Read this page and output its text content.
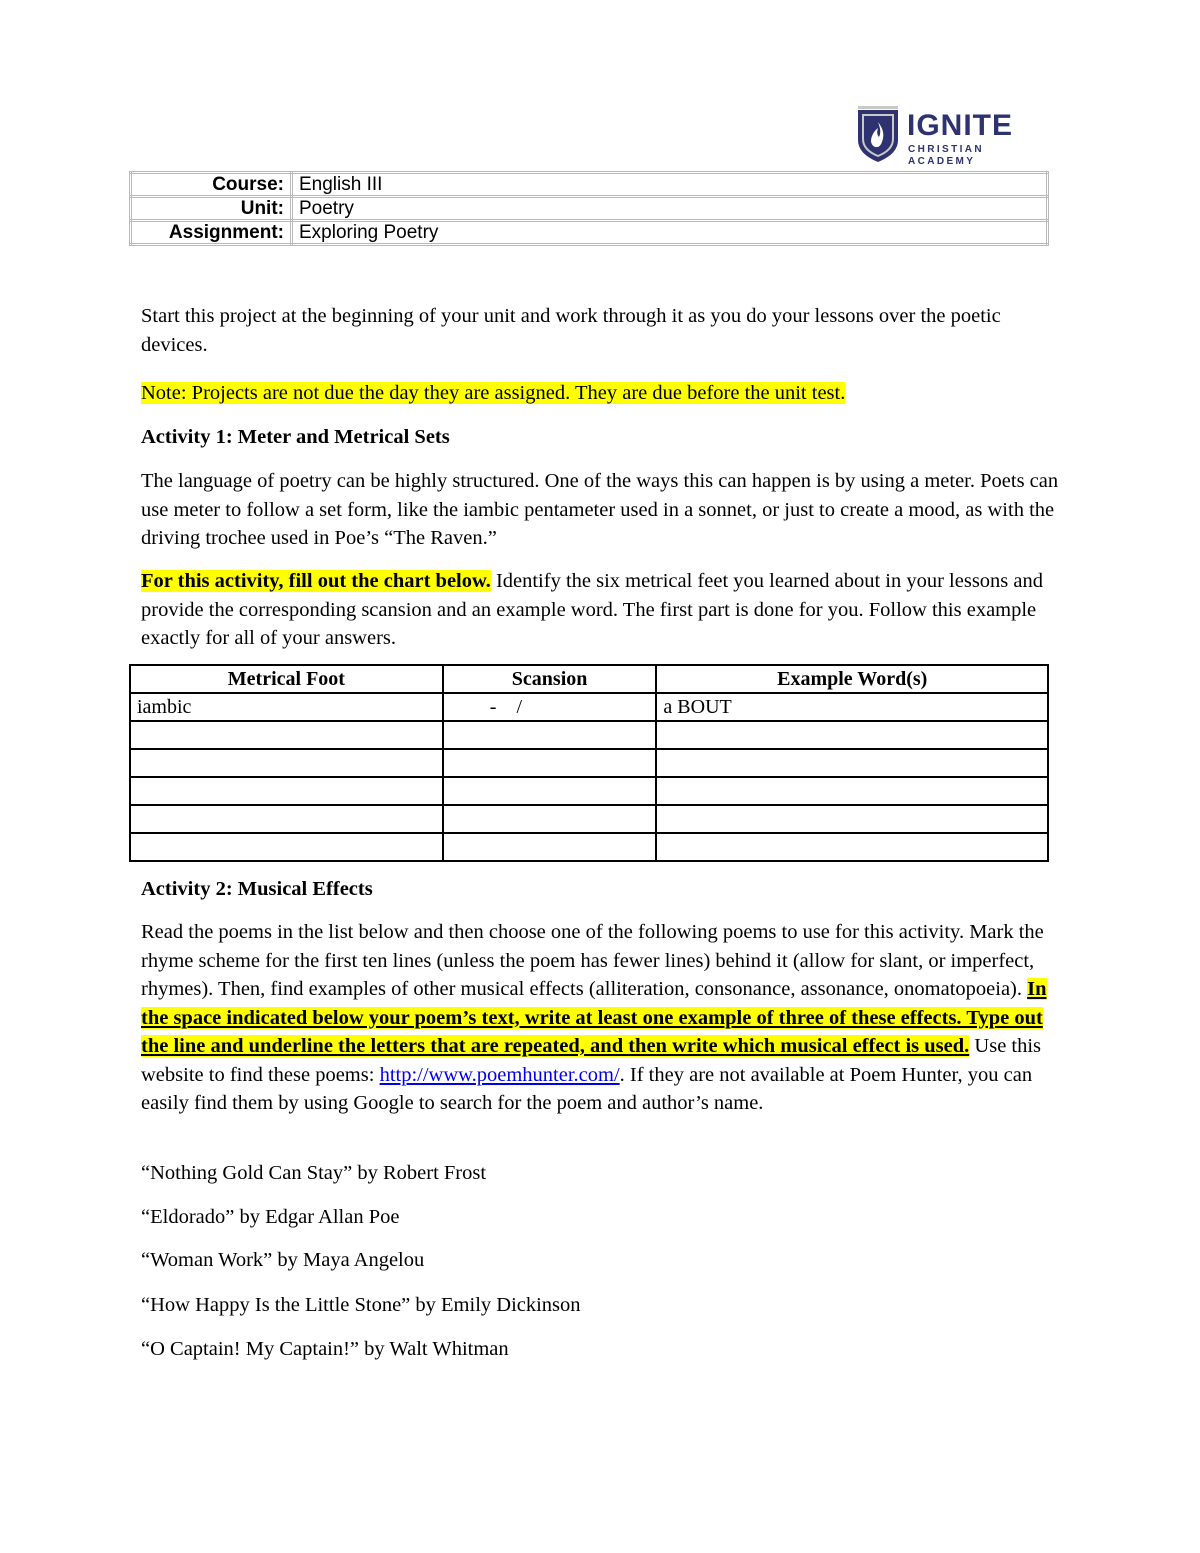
IGNITE
CHRISTIAN ACADEMY
Course:	English III
Unit:	Poetry
Assignment:	Exploring Poetry
Start this project at the beginning of your unit and work through it as you do your lessons over the poetic devices.
Note: Projects are not due the day they are assigned. They are due before the unit test.
Activity 1: Meter and Metrical Sets
The language of poetry can be highly structured. One of the ways this can happen is by using a meter. Poets can use meter to follow a set form, like the iambic pentameter used in a sonnet, or just to create a mood, as with the driving trochee used in Poe’s “The Raven.”
For this activity, fill out the chart below. Identify the six metrical feet you learned about in your lessons and provide the corresponding scansion and an example word. The first part is done for you. Follow this example exactly for all of your answers.
Metrical Foot	Scansion	Example Word(s)
iambic	-    /	a BOUT

Activity 2: Musical Effects
Read the poems in the list below and then choose one of the following poems to use for this activity. Mark the rhyme scheme for the first ten lines (unless the poem has fewer lines) behind it (allow for slant, or imperfect, rhymes). Then, find examples of other musical effects (alliteration, consonance, assonance, onomatopoeia). In the space indicated below your poem’s text, write at least one example of three of these effects. Type out the line and underline the letters that are repeated, and then write which musical effect is used. Use this website to find these poems: http://www.poemhunter.com/. If they are not available at Poem Hunter, you can easily find them by using Google to search for the poem and author’s name.
“Nothing Gold Can Stay” by Robert Frost
“Eldorado” by Edgar Allan Poe
“Woman Work” by Maya Angelou
“How Happy Is the Little Stone” by Emily Dickinson
“O Captain! My Captain!” by Walt Whitman
